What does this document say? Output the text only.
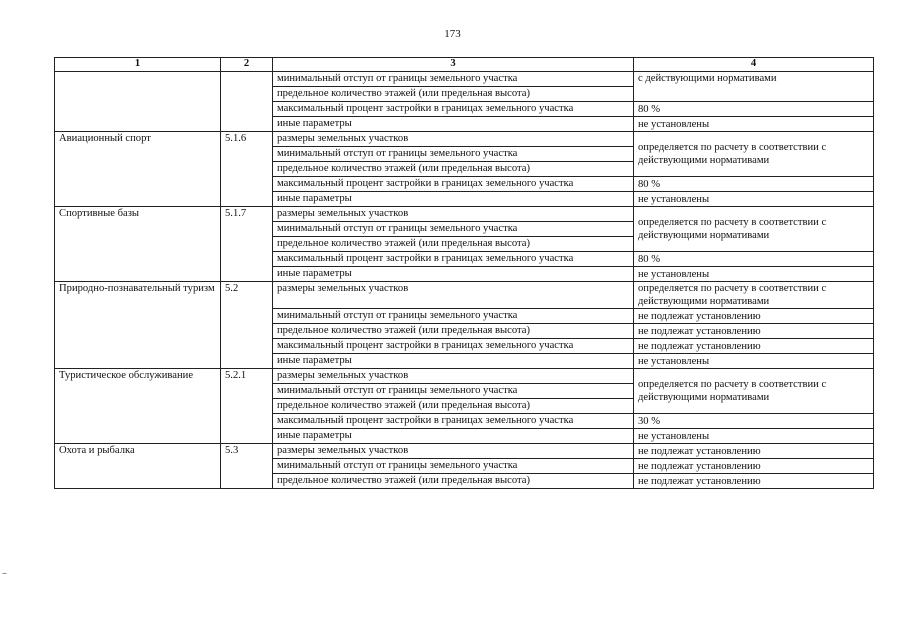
173
–
1	2	3	4
		минимальный отступ от границы земельного участка	с действующими нормативами
		предельное количество этажей (или предельная высота)	
		максимальный процент застройки в границах земельного участка	80 %
		иные параметры	не установлены
Авиационный спорт	5.1.6	размеры земельных участков	определяется по расчету в соответствии с действующими нормативами
		минимальный отступ от границы земельного участка	
		предельное количество этажей (или предельная высота)	
		максимальный процент застройки в границах земельного участка	80 %
		иные параметры	не установлены
Спортивные базы	5.1.7	размеры земельных участков	определяется по расчету в соответствии с действующими нормативами
		минимальный отступ от границы земельного участка	
		предельное количество этажей (или предельная высота)	
		максимальный процент застройки в границах земельного участка	80 %
		иные параметры	не установлены
Природно-познавательный туризм	5.2	размеры земельных участков	определяется по расчету в соответствии с действующими нормативами
		минимальный отступ от границы земельного участка	не подлежат установлению
		предельное количество этажей (или предельная высота)	не подлежат установлению
		максимальный процент застройки в границах земельного участка	не подлежат установлению
		иные параметры	не установлены
Туристическое обслуживание	5.2.1	размеры земельных участков	определяется по расчету в соответствии с действующими нормативами
		минимальный отступ от границы земельного участка	
		предельное количество этажей (или предельная высота)	
		максимальный процент застройки в границах земельного участка	30 %
		иные параметры	не установлены
Охота и рыбалка	5.3	размеры земельных участков	не подлежат установлению
		минимальный отступ от границы земельного участка	не подлежат установлению
		предельное количество этажей (или предельная высота)	не подлежат установлению
